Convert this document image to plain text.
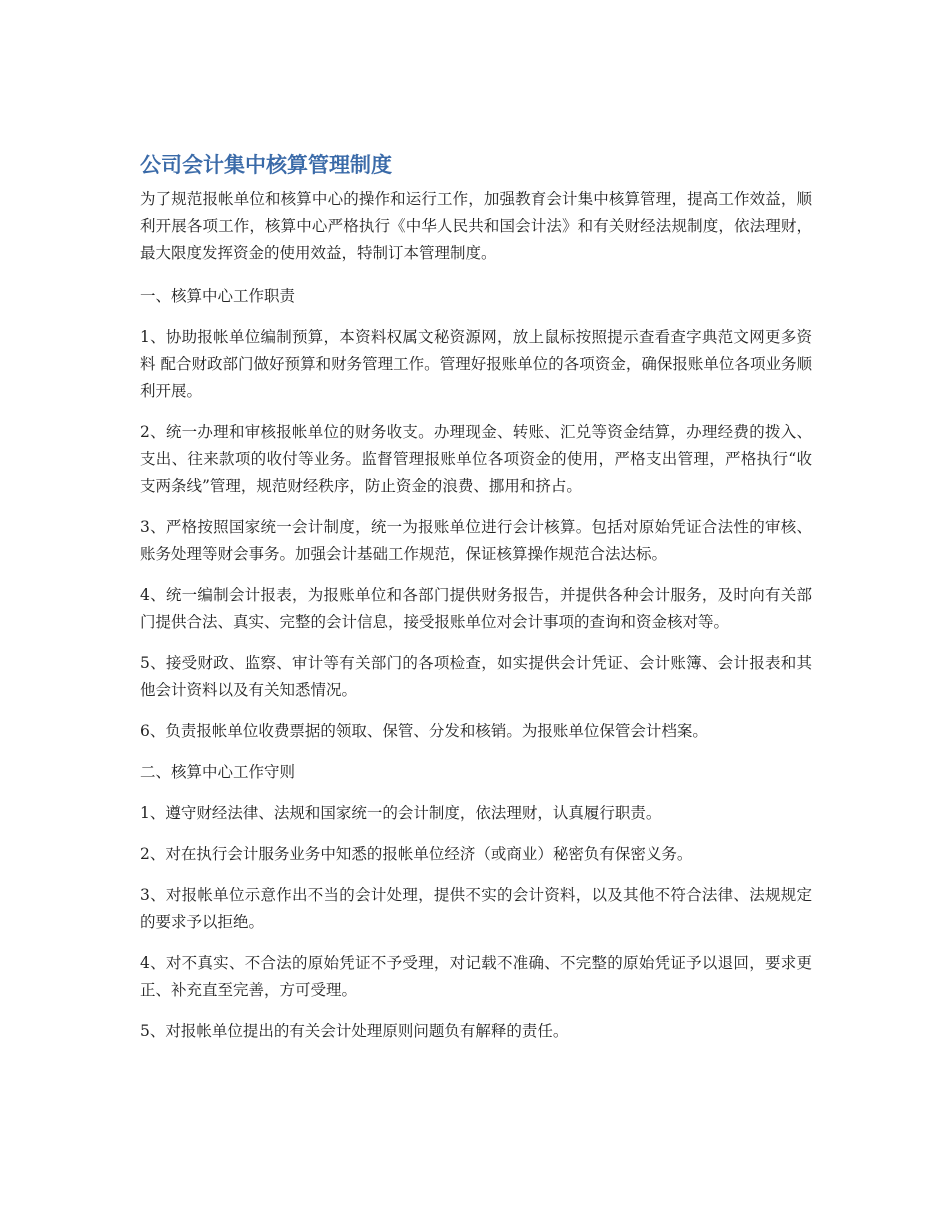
公司会计集中核算管理制度

为了规范报帐单位和核算中心的操作和运行工作，加强教育会计集中核算管理，提高工作效益，顺利开展各项工作，核算中心严格执行《中华人民共和国会计法》和有关财经法规制度，依法理财，最大限度发挥资金的使用效益，特制订本管理制度。

一、核算中心工作职责

1、协助报帐单位编制预算，本资料权属文秘资源网，放上鼠标按照提示查看查字典范文网更多资料 配合财政部门做好预算和财务管理工作。管理好报账单位的各项资金，确保报账单位各项业务顺利开展。

2、统一办理和审核报帐单位的财务收支。办理现金、转账、汇兑等资金结算，办理经费的拨入、支出、往来款项的收付等业务。监督管理报账单位各项资金的使用，严格支出管理，严格执行“收支两条线”管理，规范财经秩序，防止资金的浪费、挪用和挤占。

3、严格按照国家统一会计制度，统一为报账单位进行会计核算。包括对原始凭证合法性的审核、账务处理等财会事务。加强会计基础工作规范，保证核算操作规范合法达标。

4、统一编制会计报表，为报账单位和各部门提供财务报告，并提供各种会计服务，及时向有关部门提供合法、真实、完整的会计信息，接受报账单位对会计事项的查询和资金核对等。

5、接受财政、监察、审计等有关部门的各项检查，如实提供会计凭证、会计账簿、会计报表和其他会计资料以及有关知悉情况。

6、负责报帐单位收费票据的领取、保管、分发和核销。为报账单位保管会计档案。

二、核算中心工作守则

1、遵守财经法律、法规和国家统一的会计制度，依法理财，认真履行职责。

2、对在执行会计服务业务中知悉的报帐单位经济（或商业）秘密负有保密义务。

3、对报帐单位示意作出不当的会计处理，提供不实的会计资料，以及其他不符合法律、法规规定的要求予以拒绝。

4、对不真实、不合法的原始凭证不予受理，对记载不准确、不完整的原始凭证予以退回，要求更正、补充直至完善，方可受理。

5、对报帐单位提出的有关会计处理原则问题负有解释的责任。
